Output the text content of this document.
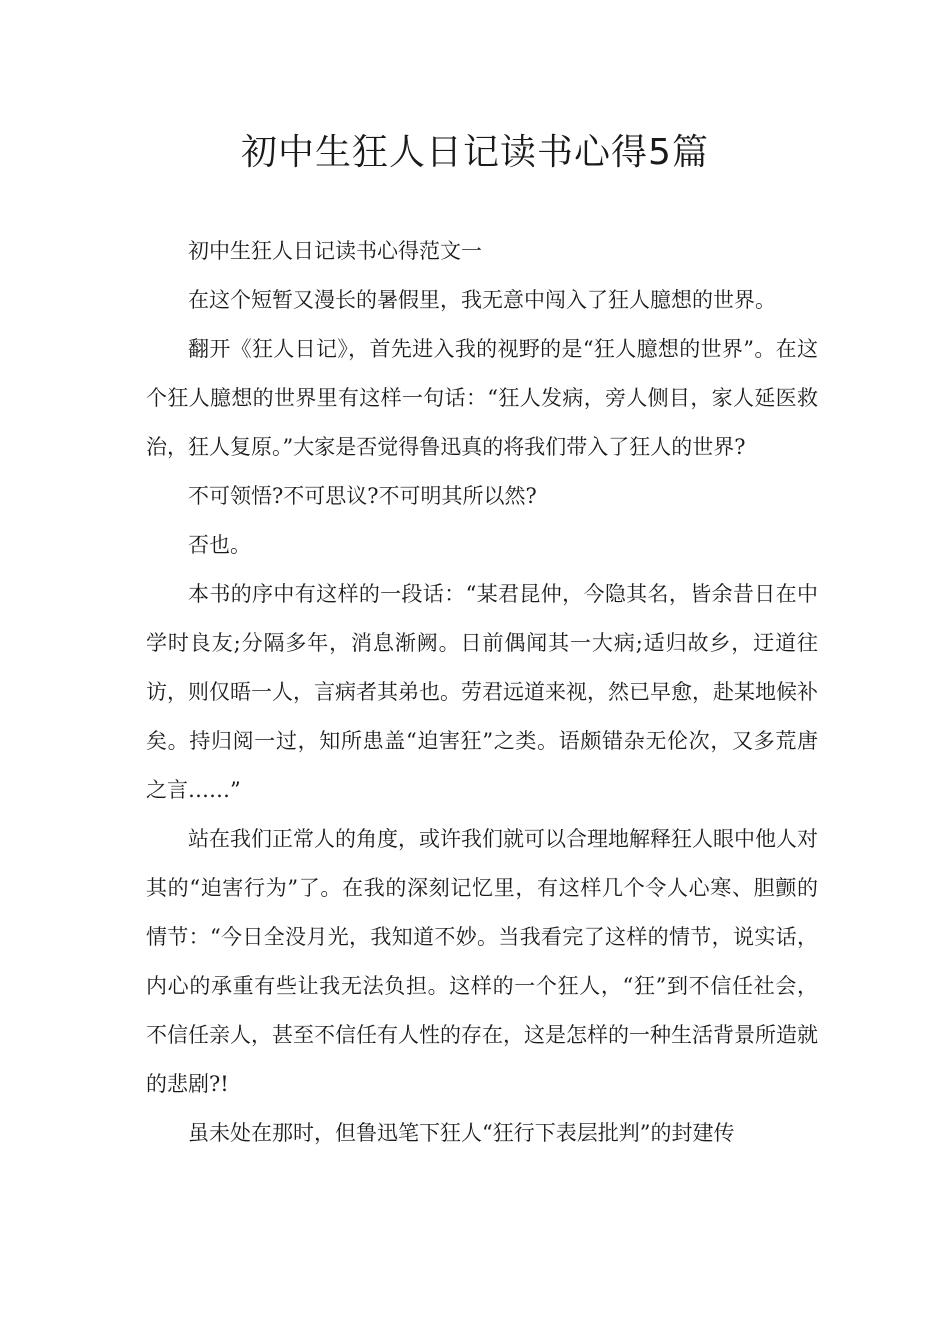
初中生狂人日记读书心得5篇

初中生狂人日记读书心得范文一

在这个短暂又漫长的暑假里，我无意中闯入了狂人臆想的世界。

翻开《狂人日记》，首先进入我的视野的是“狂人臆想的世界”。在这个狂人臆想的世界里有这样一句话：“狂人发病，旁人侧目，家人延医救治，狂人复原。”大家是否觉得鲁迅真的将我们带入了狂人的世界?

不可领悟?不可思议?不可明其所以然?

否也。

本书的序中有这样的一段话：“某君昆仲，今隐其名，皆余昔日在中学时良友;分隔多年，消息渐阙。日前偶闻其一大病;适归故乡，迂道往访，则仅晤一人，言病者其弟也。劳君远道来视，然已早愈，赴某地候补矣。持归阅一过，知所患盖“迫害狂”之类。语颇错杂无伦次，又多荒唐之言……”

站在我们正常人的角度，或许我们就可以合理地解释狂人眼中他人对其的“迫害行为”了。在我的深刻记忆里，有这样几个令人心寒、胆颤的情节：“今日全没月光，我知道不妙。当我看完了这样的情节，说实话，内心的承重有些让我无法负担。这样的一个狂人，“狂”到不信任社会，不信任亲人，甚至不信任有人性的存在，这是怎样的一种生活背景所造就的悲剧?!

虽未处在那时，但鲁迅笔下狂人“狂行下表层批判”的封建传
